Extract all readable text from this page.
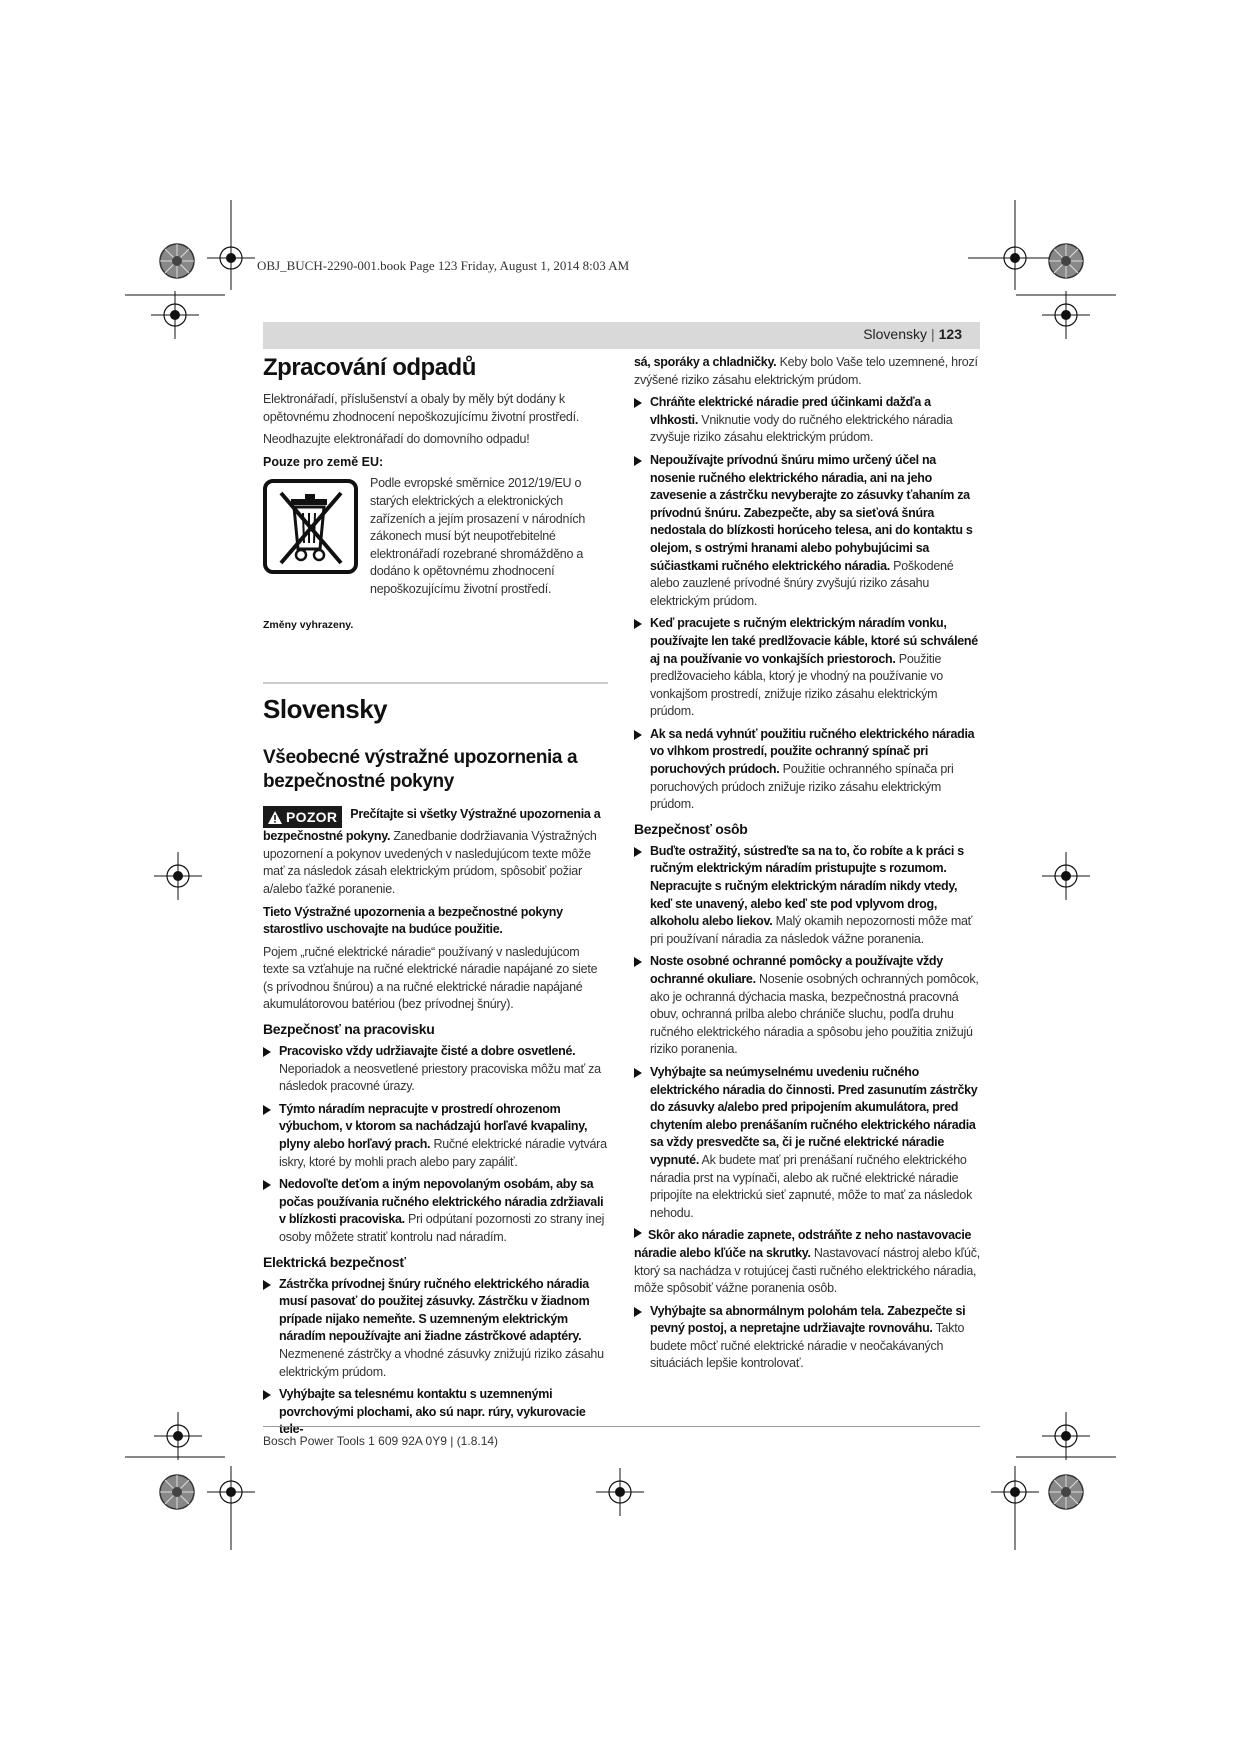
OBJ_BUCH-2290-001.book Page 123 Friday, August 1, 2014 8:03 AM
Slovensky | 123
Zpracování odpadů

Elektronářadí, příslušenství a obaly by měly být dodány k opětovnému zhodnocení nepoškozujícímu životní prostředí.

Neodhazujte elektronářadí do domovního odpadu!

Pouze pro země EU:
Podle evropské směrnice 2012/19/EU o starých elektrických a elektronických zařízeních a jejím prosazení v národních zákonech musí být neupotřebitelné elektronářadí rozebrané shromážděno a dodáno k opětovnému zhodnocení nepoškozujícímu životní prostředí.
Změny vyhrazeny.
Slovensky
Všeobecné výstražné upozornenia a bezpečnostné pokyny

POZOR Prečítajte si všetky Výstražné upozornenia a bezpečnostné pokyny. Zanedbanie dodržiavania Výstražných upozornení a pokynov uvedených v nasledujúcom texte môže mať za následok zásah elektrickým prúdom, spôsobiť požiar a/alebo ťažké poranenie.

Tieto Výstražné upozornenia a bezpečnostné pokyny starostlivo uschovajte na budúce použitie.

Pojem „ručné elektrické náradie“ používaný v nasledujúcom texte sa vzťahuje na ručné elektrické náradie napájané zo siete (s prívodnou šnúrou) a na ručné elektrické náradie napájané akumulátorovou batériou (bez prívodnej šnúry).

Bezpečnosť na pracovisku
Pracovisko vždy udržiavajte čisté a dobre osvetlené. Neporiadok a neosvetlené priestory pracoviska môžu mať za následok pracovné úrazy.
Týmto náradím nepracujte v prostredí ohrozenom výbuchom, v ktorom sa nachádzajú horľavé kvapaliny, plyny alebo horľavý prach. Ručné elektrické náradie vytvára iskry, ktoré by mohli prach alebo pary zapáliť.
Nedovoľte deťom a iným nepovolaným osobám, aby sa počas používania ručného elektrického náradia zdržiavali v blízkosti pracoviska. Pri odpútaní pozornosti zo strany inej osoby môžete stratiť kontrolu nad náradím.
Elektrická bezpečnosť
Zástrčka prívodnej šnúry ručného elektrického náradia musí pasovať do použitej zásuvky. Zástrčku v žiadnom prípade nijako nemeňte. S uzemneným elektrickým náradím nepoužívajte ani žiadne zástrčkové adaptéry. Nezmenené zástrčky a vhodné zásuvky znižujú riziko zásahu elektrickým prúdom.
Vyhýbajte sa telesnému kontaktu s uzemnenými povrchovými plochami, ako sú napr. rúry, vykurovacie tele-

sá, sporáky a chladničky. Keby bolo Vaše telo uzemnené, hrozí zvýšené riziko zásahu elektrickým prúdom.

Chráňte elektrické náradie pred účinkami dažďa a vlhkosti. Vniknutie vody do ručného elektrického náradia zvyšuje riziko zásahu elektrickým prúdom.
Nepoužívajte prívodnú šnúru mimo určený účel na nosenie ručného elektrického náradia, ani na jeho zavesenie a zástrčku nevyberajte zo zásuvky ťahaním za prívodnú šnúru. Zabezpečte, aby sa sieťová šnúra nedostala do blízkosti horúceho telesa, ani do kontaktu s olejom, s ostrými hranami alebo pohybujúcimi sa súčiastkami ručného elektrického náradia. Poškodené alebo zauzlené prívodné šnúry zvyšujú riziko zásahu elektrickým prúdom.
Keď pracujete s ručným elektrickým náradím vonku, používajte len také predlžovacie káble, ktoré sú schválené aj na používanie vo vonkajších priestoroch. Použitie predlžovacieho kábla, ktorý je vhodný na používanie vo vonkajšom prostredí, znižuje riziko zásahu elektrickým prúdom.
Ak sa nedá vyhnúť použitiu ručného elektrického náradia vo vlhkom prostredí, použite ochranný spínač pri poruchových prúdoch. Použitie ochranného spínača pri poruchových prúdoch znižuje riziko zásahu elektrickým prúdom.
Bezpečnosť osôb
Buďte ostražitý, sústreďte sa na to, čo robíte a k práci s ručným elektrickým náradím pristupujte s rozumom. Nepracujte s ručným elektrickým náradím nikdy vtedy, keď ste unavený, alebo keď ste pod vplyvom drog, alkoholu alebo liekov. Malý okamih nepozornosti môže mať pri používaní náradia za následok vážne poranenia.
Noste osobné ochranné pomôcky a používajte vždy ochranné okuliare. Nosenie osobných ochranných pomôcok, ako je ochranná dýchacia maska, bezpečnostná pracovná obuv, ochranná prilba alebo chrániče sluchu, podľa druhu ručného elektrického náradia a spôsobu jeho použitia znižujú riziko poranenia.
Vyhýbajte sa neúmyselnému uvedeniu ručného elektrického náradia do činnosti. Pred zasunutím zástrčky do zásuvky a/alebo pred pripojením akumulátora, pred chytením alebo prenášaním ručného elektrického náradia sa vždy presvedčte sa, či je ručné elektrické náradie vypnuté. Ak budete mať pri prenášaní ručného elektrického náradia prst na vypínači, alebo ak ručné elektrické náradie pripojíte na elektrickú sieť zapnuté, môže to mať za následok nehodu.
Skôr ako náradie zapnete, odstráňte z neho nastavovacie náradie alebo kľúče na skrutky. Nastavovací nástroj alebo kľúč, ktorý sa nachádza v rotujúcej časti ručného elektrického náradia, môže spôsobiť vážne poranenia osôb.
Vyhýbajte sa abnormálnym polohám tela. Zabezpečte si pevný postoj, a nepretajne udržiavajte rovnováhu. Takto budete môcť ručné elektrické náradie v neočakávaných situáciách lepšie kontrolovať.
Bosch Power Tools 1 609 92A 0Y9 | (1.8.14)
